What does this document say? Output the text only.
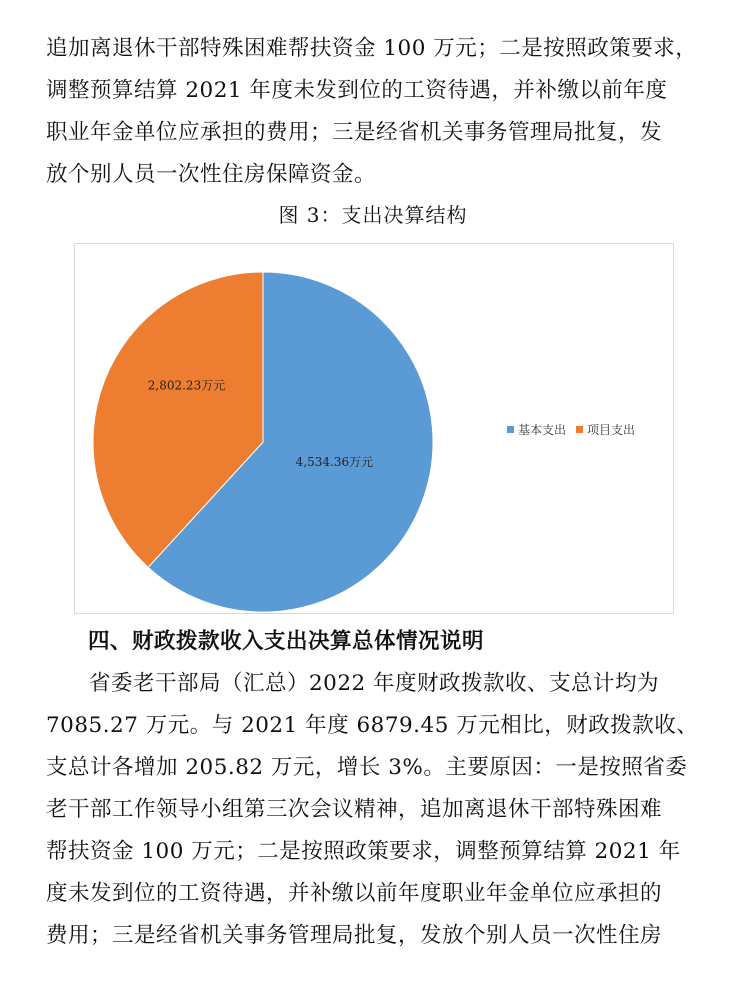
追加离退休干部特殊困难帮扶资金 100 万元；二是按照政策要求，
调整预算结算 2021 年度未发到位的工资待遇，并补缴以前年度
职业年金单位应承担的费用；三是经省机关事务管理局批复，发
放个别人员一次性住房保障资金。
图 3：支出决算结构
4,534.36万元
2,802.23万元
基本支出 项目支出
四、财政拨款收入支出决算总体情况说明
省委老干部局（汇总）2022 年度财政拨款收、支总计均为
7085.27 万元。与 2021 年度 6879.45 万元相比，财政拨款收、
支总计各增加 205.82 万元，增长 3%。主要原因：一是按照省委
老干部工作领导小组第三次会议精神，追加离退休干部特殊困难
帮扶资金 100 万元；二是按照政策要求，调整预算结算 2021 年
度未发到位的工资待遇，并补缴以前年度职业年金单位应承担的
费用；三是经省机关事务管理局批复，发放个别人员一次性住房
